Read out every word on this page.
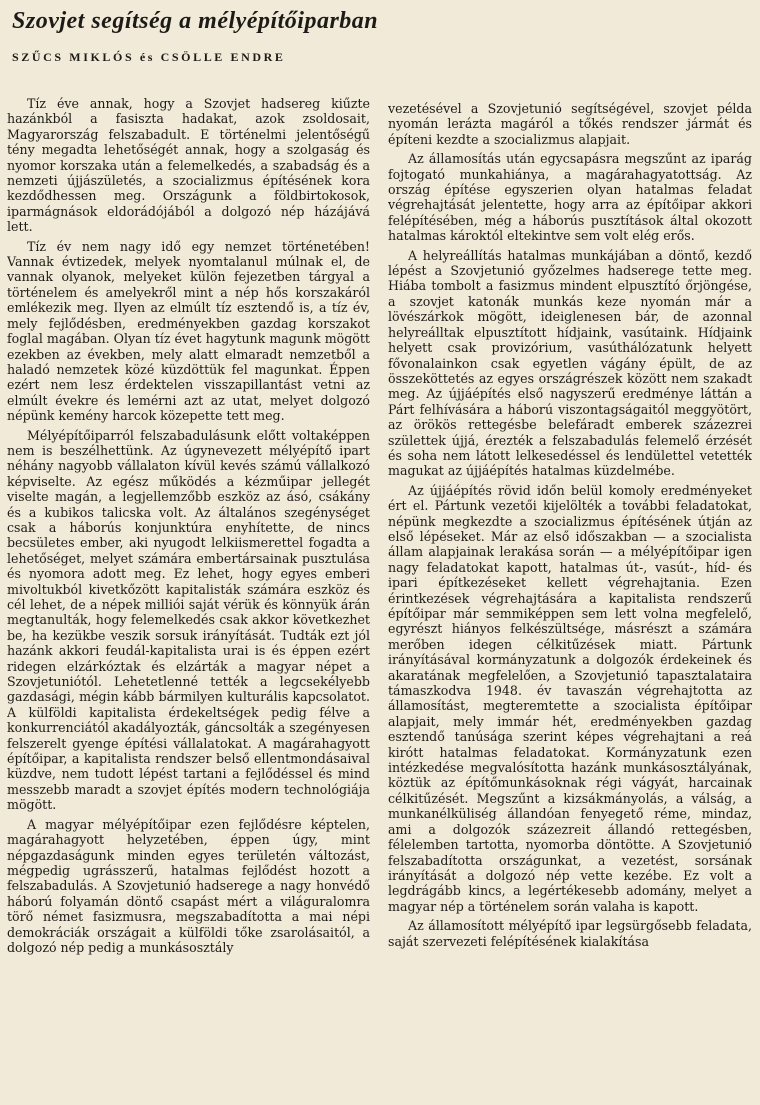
Szovjet segítség a mélyépítőiparban
SZŰCS MIKLÓS és CSÖLLE ENDRE

Tíz éve annak, hogy a Szovjet hadsereg kiűzte hazánkból a fasiszta hadakat, azok zsoldosait, Magyarország felszabadult. E történelmi jelentőségű tény megadta lehetőségét annak, hogy a szolgaság és nyomor korszaka után a felemelkedés, a szabadság és a nemzeti újjászületés, a szocializmus építésének kora kezdődhessen meg. Országunk a földbirtokosok, iparmágnások eldorádójából a dolgozó nép házájává lett.

Tíz év nem nagy idő egy nemzet történetében! Vannak évtizedek, melyek nyomtalanul múlnak el, de vannak olyanok, melyeket külön fejezetben tárgyal a történelem és amelyekről mint a nép hős korszakáról emlékezik meg. Ilyen az elmúlt tíz esztendő is, a tíz év, mely fejlődésben, eredményekben gazdag korszakot foglal magában. Olyan tíz évet hagytunk magunk mögött ezekben az években, mely alatt elmaradt nemzetből a haladó nemzetek közé küzdöttük fel magunkat. Éppen ezért nem lesz érdektelen visszapillantást vetni az elmúlt évekre és lemérni azt az utat, melyet dolgozó népünk kemény harcok közepette tett meg.

Mélyépítőiparról felszabadulásunk előtt voltaképpen nem is beszélhettünk. Az úgynevezett mélyépítő ipart néhány nagyobb vállalaton kívül kevés számú vállalkozó képviselte. Az egész működés a kézműipar jellegét viselte magán, a legjellemzőbb eszköz az ásó, csákány és a kubikos talicska volt. Az általános szegénységet csak a háborús konjunktúra enyhítette, de nincs becsületes ember, aki nyugodt lelkiismerettel fogadta a lehetőséget, melyet számára embertársainak pusztulása és nyomora adott meg. Ez lehet, hogy egyes emberi mivoltukból kivetkőzött kapitalisták számára eszköz és cél lehet, de a népek milliói saját vérük és könnyük árán megtanulták, hogy felemelkedés csak akkor következhet be, ha kezükbe veszik sorsuk irányítását. Tudták ezt jól hazánk akkori feudál-kapitalista urai is és éppen ezért ridegen elzárkóztak és elzárták a magyar népet a Szovjetuniótól. Lehetetlenné tették a legcsekélyebb gazdasági, mégin kább bármilyen kulturális kapcsolatot. A külföldi kapitalista érdekeltségek pedig félve a konkurrenciától akadályozták, gáncsolták a szegényesen felszerelt gyenge építési vállalatokat. A magárahagyott építőipar, a kapitalista rendszer belső ellentmondásaival küzdve, nem tudott lépést tartani a fejlődéssel és mind messzebb maradt a szovjet építés modern technológiája mögött.

A magyar mélyépítőipar ezen fejlődésre képtelen, magárahagyott helyzetében, éppen úgy, mint népgazdaságunk minden egyes területén változást, mégpedig ugrásszerű, hatalmas fejlődést hozott a felszabadulás. A Szovjetunió hadserege a nagy honvédő háború folyamán döntő csapást mért a világuralomra törő német fasizmusra, megszabadította a mai népi demokráciák országait a külföldi tőke zsarolásaitól, a dolgozó nép pedig a munkásosztály

vezetésével a Szovjetunió segítségével, szovjet példa nyomán lerázta magáról a tőkés rendszer jármát és építeni kezdte a szocializmus alapjait.

Az államosítás után egycsapásra megszűnt az iparág fojtogató munkahiánya, a magárahagyatottság. Az ország építése egyszerien olyan hatalmas feladat végrehajtását jelentette, hogy arra az építőipar akkori felépítésében, még a háborús pusztítások által okozott hatalmas károktól eltekintve sem volt elég erős.

A helyreállítás hatalmas munkájában a döntő, kezdő lépést a Szovjetunió győzelmes hadserege tette meg. Hiába tombolt a fasizmus mindent elpusztító őrjöngése, a szovjet katonák munkás keze nyomán már a lövészárkok mögött, ideiglenesen bár, de azonnal helyreálltak elpusztított hídjaink, vasútaink. Hídjaink helyett csak provizórium, vasúthálózatunk helyett fővonalainkon csak egyetlen vágány épült, de az összeköttetés az egyes országrészek között nem szakadt meg. Az újjáépítés első nagyszerű eredménye láttán a Párt felhívására a háború viszontagságaitól meggyötört, az örökös rettegésbe belefáradt emberek százezrei születtek újjá, érezték a felszabadulás felemelő érzését és soha nem látott lelkesedéssel és lendülettel vetették magukat az újjáépítés hatalmas küzdelmébe.

Az újjáépítés rövid időn belül komoly eredményeket ért el. Pártunk vezetői kijelölték a további feladatokat, népünk megkezdte a szocializmus építésének útján az első lépéseket. Már az első időszakban — a szocialista állam alapjainak lerakása során — a mélyépítőipar igen nagy feladatokat kapott, hatalmas út-, vasút-, híd- és ipari építkezéseket kellett végrehajtania. Ezen érintkezések végrehajtására a kapitalista rendszerű építőipar már semmiképpen sem lett volna megfelelő, egyrészt hiányos felkészültsége, másrészt a számára merőben idegen célkitűzések miatt. Pártunk irányításával kormányzatunk a dolgozók érdekeinek és akaratának megfelelően, a Szovjetunió tapasztalataira támaszkodva 1948. év tavaszán végrehajtotta az államosítást, megteremtette a szocialista építőipar alapjait, mely immár hét, eredményekben gazdag esztendő tanúsága szerint képes végrehajtani a reá kirótt hatalmas feladatokat. Kormányzatunk ezen intézkedése megvalósította hazánk munkásosztályának, köztük az építőmunkásoknak régi vágyát, harcainak célkitűzését. Megszűnt a kizsákmányolás, a válság, a munkanélküliség állandóan fenyegető réme, mindaz, ami a dolgozók százezreit állandó rettegésben, félelemben tartotta, nyomorba döntötte. A Szovjetunió felszabadította országunkat, a vezetést, sorsának irányítását a dolgozó nép vette kezébe. Ez volt a legdrágább kincs, a legértékesebb adomány, melyet a magyar nép a történelem során valaha is kapott.

Az államosított mélyépítő ipar legsürgősebb feladata, saját szervezeti felépítésének kialakítása
